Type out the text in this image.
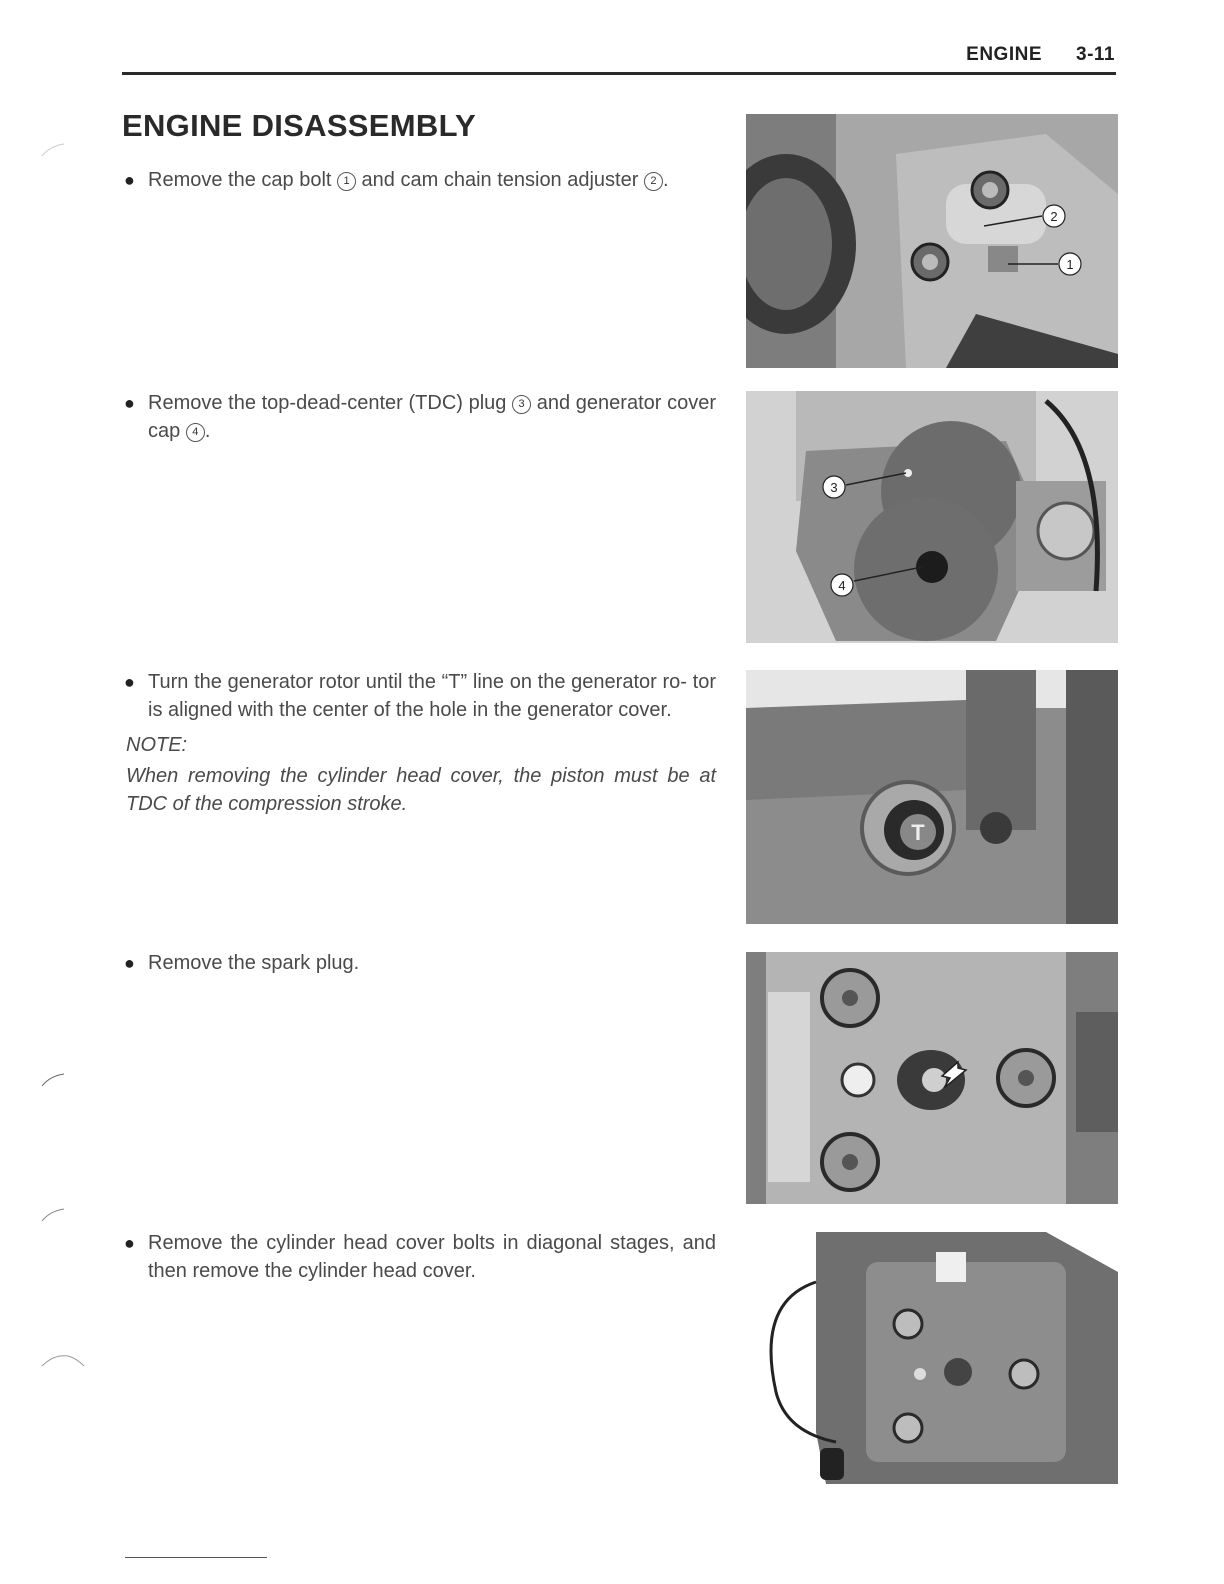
ENGINE 3-11
ENGINE DISASSEMBLY
● Remove the cap bolt 1 and cam chain tension adjuster 2 .
● Remove the top-dead-center (TDC) plug 3 and generator cover cap 4 .
● Turn the generator rotor until the “T” line on the generator ro- tor is aligned with the center of the hole in the generator cover.
NOTE:
When removing the cylinder head cover, the piston must be at TDC of the compression stroke.
● Remove the spark plug.
● Remove the cylinder head cover bolts in diagonal stages, and then remove the cylinder head cover.
2
1
3
4
T
